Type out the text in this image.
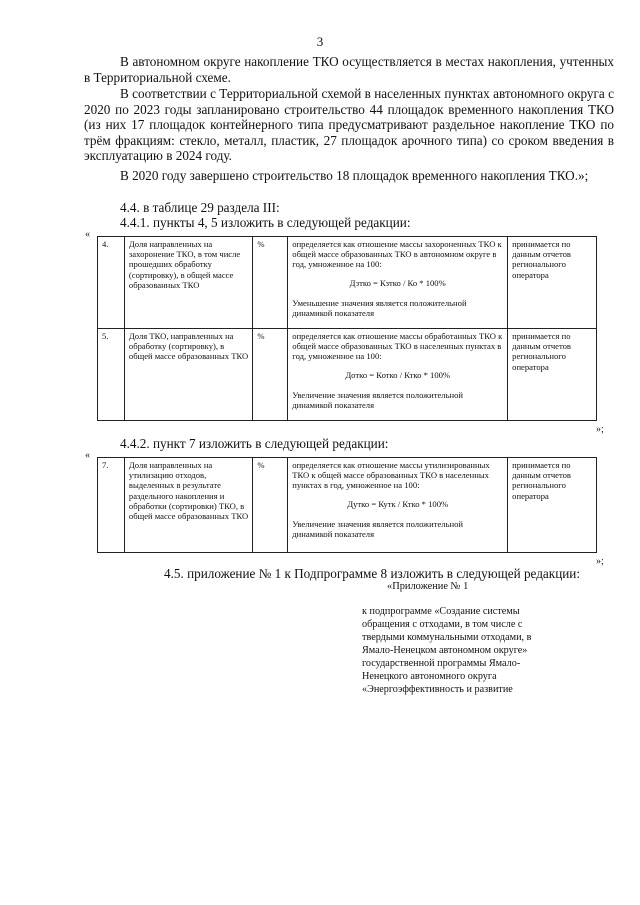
3
В автономном округе накопление ТКО осуществляется в местах накопления, учтенных в Территориальной схеме.
В соответствии с Территориальной схемой в населенных пунктах автономного округа с 2020 по 2023 годы запланировано строительство 44 площадок временного накопления ТКО (из них 17 площадок контейнерного типа предусматривают раздельное накопление ТКО по трём фракциям: стекло, металл, пластик, 27 площадок арочного типа) со сроком введения в эксплуатацию в 2024 году.
В 2020 году завершено строительство 18 площадок временного накопления ТКО.»;
4.4. в таблице 29 раздела III:
4.4.1. пункты 4, 5 изложить в следующей редакции:
«
4.	Доля направленных на захоронение ТКО, в том числе прошедших обработку (сортировку), в общей массе образованных ТКО	%	определяется как отношение массы захороненных ТКО к общей массе образованных ТКО в автономном округе в год, умноженное на 100:
Дзтко = Кзтко / Ко * 100%
Уменьшение значения является положительной динамикой показателя	принимается по данным отчетов регионального оператора
5.	Доля ТКО, направленных на обработку (сортировку), в общей массе образованных ТКО	%	определяется как отношение массы обработанных ТКО к общей массе образованных ТКО в населенных пунктах в год, умноженное на 100:
Дотко = Котко / Ктко * 100%
Увеличение значения является положительной динамикой показателя	принимается по данным отчетов регионального оператора
»;
4.4.2. пункт 7 изложить в следующей редакции:
«
7.	Доля направленных на утилизацию отходов, выделенных в результате раздельного накопления и обработки (сортировки) ТКО, в общей массе образованных ТКО	%	определяется как отношение массы утилизированных ТКО к общей массе образованных ТКО в населенных пунктах в год, умноженное на 100:
Дутко = Кутк / Ктко * 100%
Увеличение значения является положительной динамикой показателя
	принимается по данным отчетов регионального оператора
»;
4.5. приложение № 1 к Подпрограмме 8 изложить в следующей редакции:
«Приложение № 1
к подпрограмме «Создание системы обращения с отходами, в том числе с твердыми коммунальными отходами, в Ямало-Ненецком автономном округе» государственной программы Ямало-Ненецкого автономного округа «Энергоэффективность и развитие
